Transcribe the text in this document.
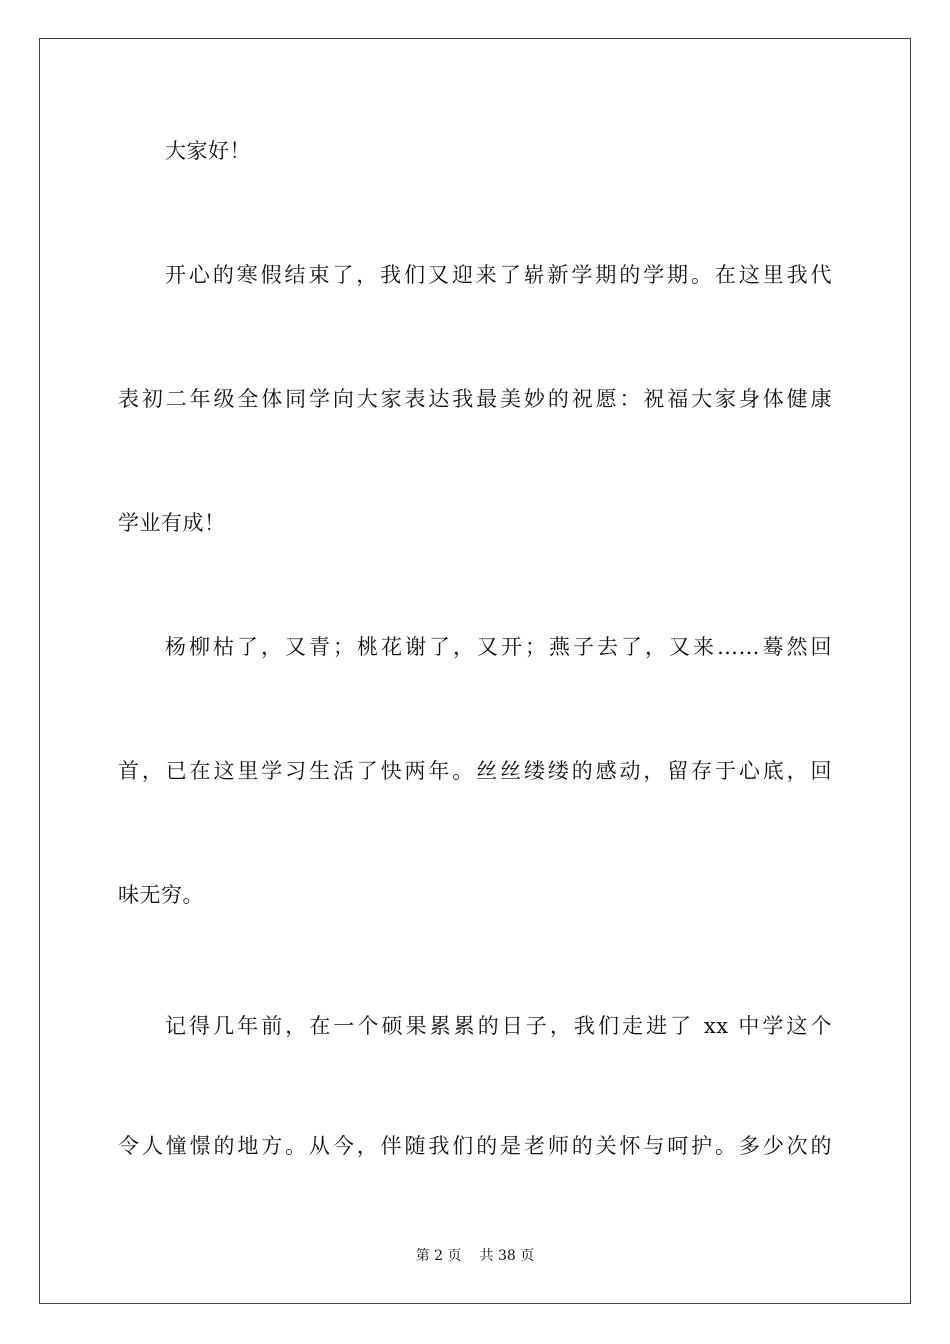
大家好！
开心的寒假结束了，我们又迎来了崭新学期的学期。在这里我代
表初二年级全体同学向大家表达我最美妙的祝愿：祝福大家身体健康
学业有成！
杨柳枯了，又青；桃花谢了，又开；燕子去了，又来……蓦然回
首，已在这里学习生活了快两年。丝丝缕缕的感动，留存于心底，回
味无穷。
记得几年前，在一个硕果累累的日子，我们走进了 xx 中学这个
令人憧憬的地方。从今，伴随我们的是老师的关怀与呵护。多少次的
第 2 页 共 38 页
